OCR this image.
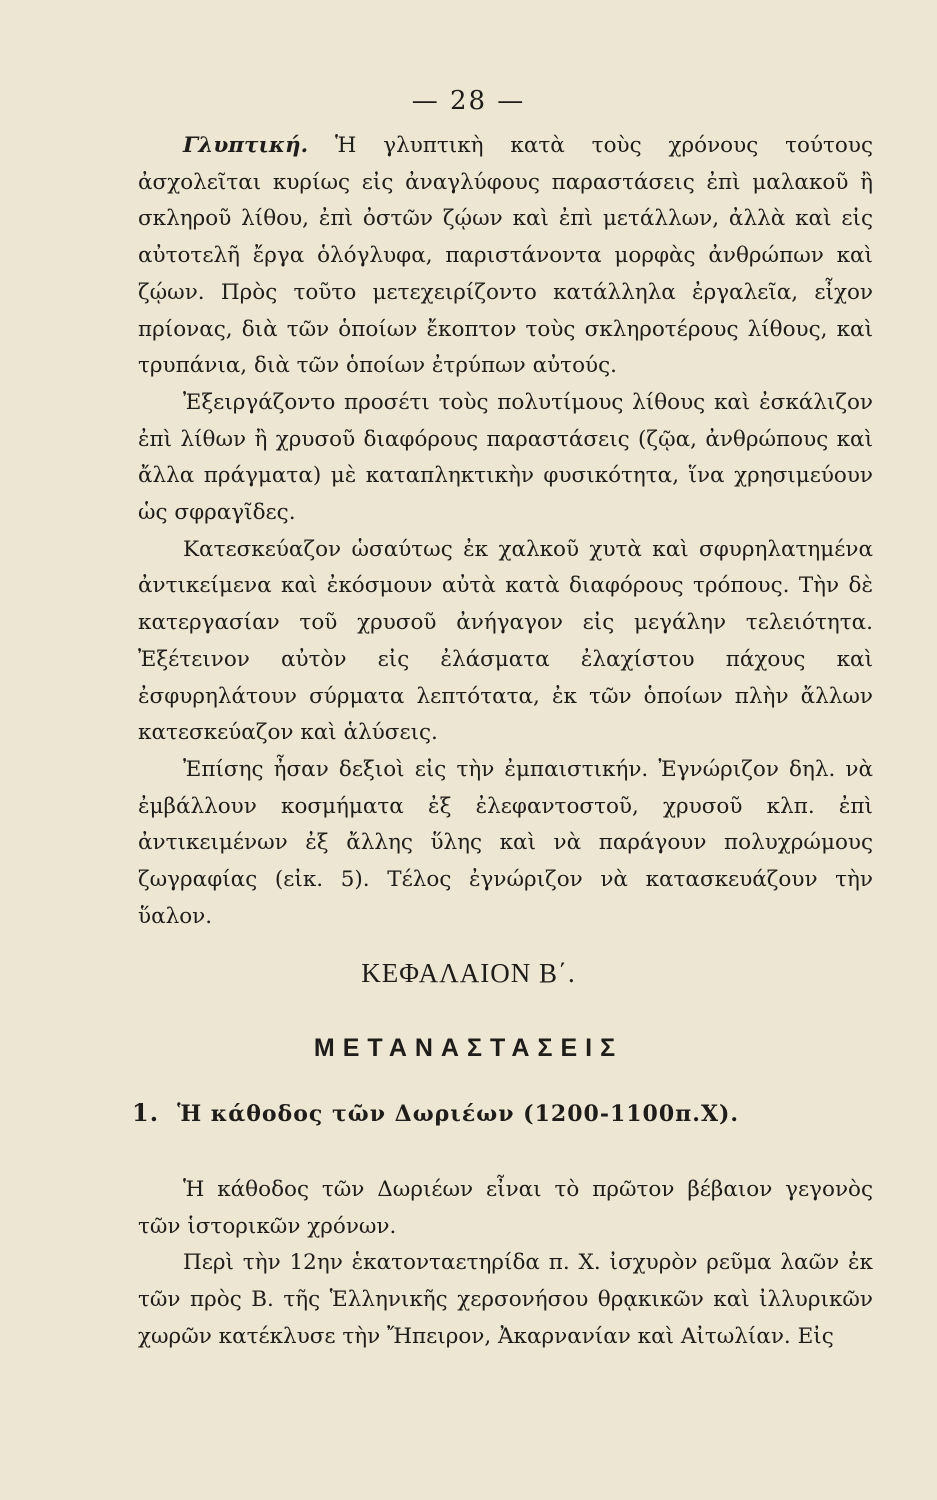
— 28 —

Γλυπτική. Ἡ γλυπτικὴ κατὰ τοὺς χρόνους τούτους ἀσχολεῖται κυρίως εἰς ἀναγλύφους παραστάσεις ἐπὶ μαλακοῦ ἢ σκληροῦ λίθου, ἐπὶ ὀστῶν ζῴων καὶ ἐπὶ μετάλλων, ἀλλὰ καὶ εἰς αὐτοτελῆ ἔργα ὁλόγλυφα, παριστάνοντα μορφὰς ἀνθρώπων καὶ ζῴων. Πρὸς τοῦτο μετεχειρίζοντο κατάλληλα ἐργαλεῖα, εἶχον πρίονας, διὰ τῶν ὁποίων ἔκοπτον τοὺς σκληροτέρους λίθους, καὶ τρυπάνια, διὰ τῶν ὁποίων ἐτρύπων αὐτούς.

Ἐξειργάζοντο προσέτι τοὺς πολυτίμους λίθους καὶ ἐσκάλιζον ἐπὶ λίθων ἢ χρυσοῦ διαφόρους παραστάσεις (ζῷα, ἀνθρώπους καὶ ἄλλα πράγματα) μὲ καταπληκτικὴν φυσικότητα, ἵνα χρησιμεύουν ὡς σφραγῖδες.

Κατεσκεύαζον ὡσαύτως ἐκ χαλκοῦ χυτὰ καὶ σφυρηλατημένα ἀντικείμενα καὶ ἐκόσμουν αὐτὰ κατὰ διαφόρους τρόπους. Τὴν δὲ κατεργασίαν τοῦ χρυσοῦ ἀνήγαγον εἰς μεγάλην τελειότητα. Ἐξέτεινον αὐτὸν εἰς ἐλάσματα ἐλαχίστου πάχους καὶ ἐσφυρηλάτουν σύρματα λεπτότατα, ἐκ τῶν ὁποίων πλὴν ἄλλων κατεσκεύαζον καὶ ἁλύσεις.

Ἐπίσης ἦσαν δεξιοὶ εἰς τὴν ἐμπαιστικήν. Ἐγνώριζον δηλ. νὰ ἐμβάλλουν κοσμήματα ἐξ ἐλεφαντοστοῦ, χρυσοῦ κλπ. ἐπὶ ἀντικειμένων ἐξ ἄλλης ὕλης καὶ νὰ παράγουν πολυχρώμους ζωγραφίας (εἰκ. 5). Τέλος ἐγνώριζον νὰ κατασκευάζουν τὴν ὕαλον.

ΚΕΦΑΛΑΙΟΝ Β΄.
ΜΕΤΑΝΑΣΤΑΣΕΙΣ
1. Ἡ κάθοδος τῶν Δωριέων (1200-1100π.Χ).

Ἡ κάθοδος τῶν Δωριέων εἶναι τὸ πρῶτον βέβαιον γεγονὸς τῶν ἱστορικῶν χρόνων.

Περὶ τὴν 12ην ἑκατονταετηρίδα π. Χ. ἰσχυρὸν ρεῦμα λαῶν ἐκ τῶν πρὸς Β. τῆς Ἑλληνικῆς χερσονήσου θρᾳκικῶν καὶ ἰλλυρικῶν χωρῶν κατέκλυσε τὴν Ἤπειρον, Ἀκαρνανίαν καὶ Αἰτωλίαν. Εἰς
